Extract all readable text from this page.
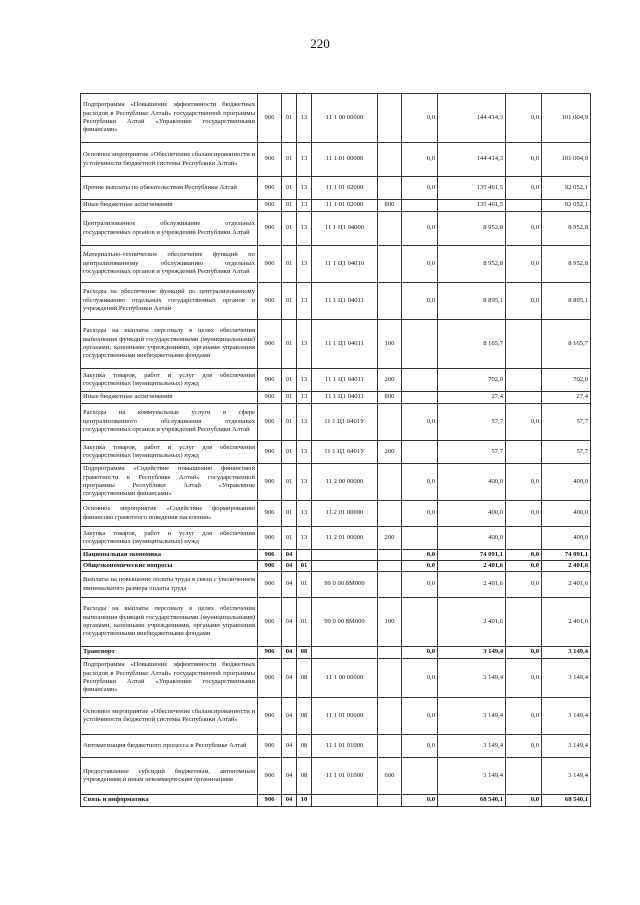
220
Подпрограмма «Повышение эффективности бюджетных расходов в Республике Алтай» государственной программы Республики Алтай «Управление государственными финансами»	906	01	13	11 1 00 00000		0,0	144 414,3	0,0	101 004,9
Основное мероприятие «Обеспечение сбалансированности и устойчивости бюджетной системы Республики Алтай»	906	01	13	11 1 01 00000		0,0	144 414,3	0,0	101 004,9
Прочие выплаты по обязательствам Республики Алтай	906	01	13	11 1 01 02000		0,0	135 461,5	0,0	92 052,1
Иные бюджетные ассигнования	906	01	13	11 1 01 02000	800		135 461,5		92 052,1
Централизованное обслуживание отдельных государственных органов и учреждений Республики Алтай	906	01	13	11 1 Ц1 04000		0,0	8 952,8	0,0	8 952,8
Материально-техническое обеспечение функций по централизованному обслуживанию отдельных государственных органов и учреждений Республики Алтай	906	01	13	11 1 Ц1 04010		0,0	8 952,8	0,0	8 952,8
Расходы на обеспечение функций по централизованному обслуживанию отдельных государственных органов и учреждений Республики Алтай	906	01	13	11 1 Ц1 04011		0,0	8 895,1	0,0	8 895,1
Расходы на выплаты персоналу в целях обеспечения выполнения функций государственными (муниципальными) органами, казенными учреждениями, органами управления государственными внебюджетными фондами	906	01	13	11 1 Ц1 04011	100		8 165,7		8 165,7
Закупка товаров, работ и услуг для обеспечения государственных (муниципальных) нужд	906	01	13	11 1 Ц1 04011	200		702,0		702,0
Иные бюджетные ассигнования	906	01	13	11 1 Ц1 04011	800		27,4		27,4
Расходы на коммунальные услуги в сфере централизованного обслуживания отдельных государственных органов и учреждений Республики Алтай	906	01	13	11 1 Ц1 0401У		0,0	57,7	0,0	57,7
Закупка товаров, работ и услуг для обеспечения государственных (муниципальных) нужд	906	01	13	11 1 Ц1 0401У	200		57,7		57,7
Подпрограмма «Содействие повышению финансовой грамотности в Республике Алтай» государственной программы Республики Алтай «Управление государственными финансами»	906	01	13	11 2 00 00000		0,0	400,0	0,0	400,0
Основное мероприятие «Содействие формированию финансово грамотного поведения населения»	906	01	13	11 2 01 00000		0,0	400,0	0,0	400,0
Закупка товаров, работ и услуг для обеспечения государственных (муниципальных) нужд	906	01	13	11 2 01 00000	200		400,0		400,0
Национальная экономика	906	04				0,0	74 091,1	0,0	74 091,1
Общеэкономические вопросы	906	04	01			0,0	2 401,6	0,0	2 401,6
Выплаты на повышение оплаты труда в связи с увеличением минимального размера оплаты труда	906	04	01	99 0 00 8М000		0,0	2 401,6	0,0	2 401,6
Расходы на выплаты персоналу в целях обеспечения выполнения функций государственными (муниципальными) органами, казенными учреждениями, органами управления государственными внебюджетными фондами	906	04	01	99 0 00 8М000	100		2 401,6		2 401,6
Транспорт	906	04	08			0,0	3 149,4	0,0	3 149,4
Подпрограмма «Повышение эффективности бюджетных расходов в Республике Алтай» государственной программы Республики Алтай «Управление государственными финансами»	906	04	08	11 1 00 00000		0,0	3 149,4	0,0	3 149,4
Основное мероприятие «Обеспечение сбалансированности и устойчивости бюджетной системы Республики Алтай»	906	04	08	11 1 01 00000		0,0	3 149,4	0,0	3 149,4
Автоматизация бюджетного процесса в Республике Алтай	906	04	08	11 1 01 01000		0,0	3 149,4	0,0	3 149,4
Предоставление субсидий бюджетным, автономным учреждениям и иным некоммерческим организациям	906	04	08	11 1 01 01000	600		3 149,4		3 149,4
Связь и информатика	906	04	10			0,0	68 540,1	0,0	68 540,1
